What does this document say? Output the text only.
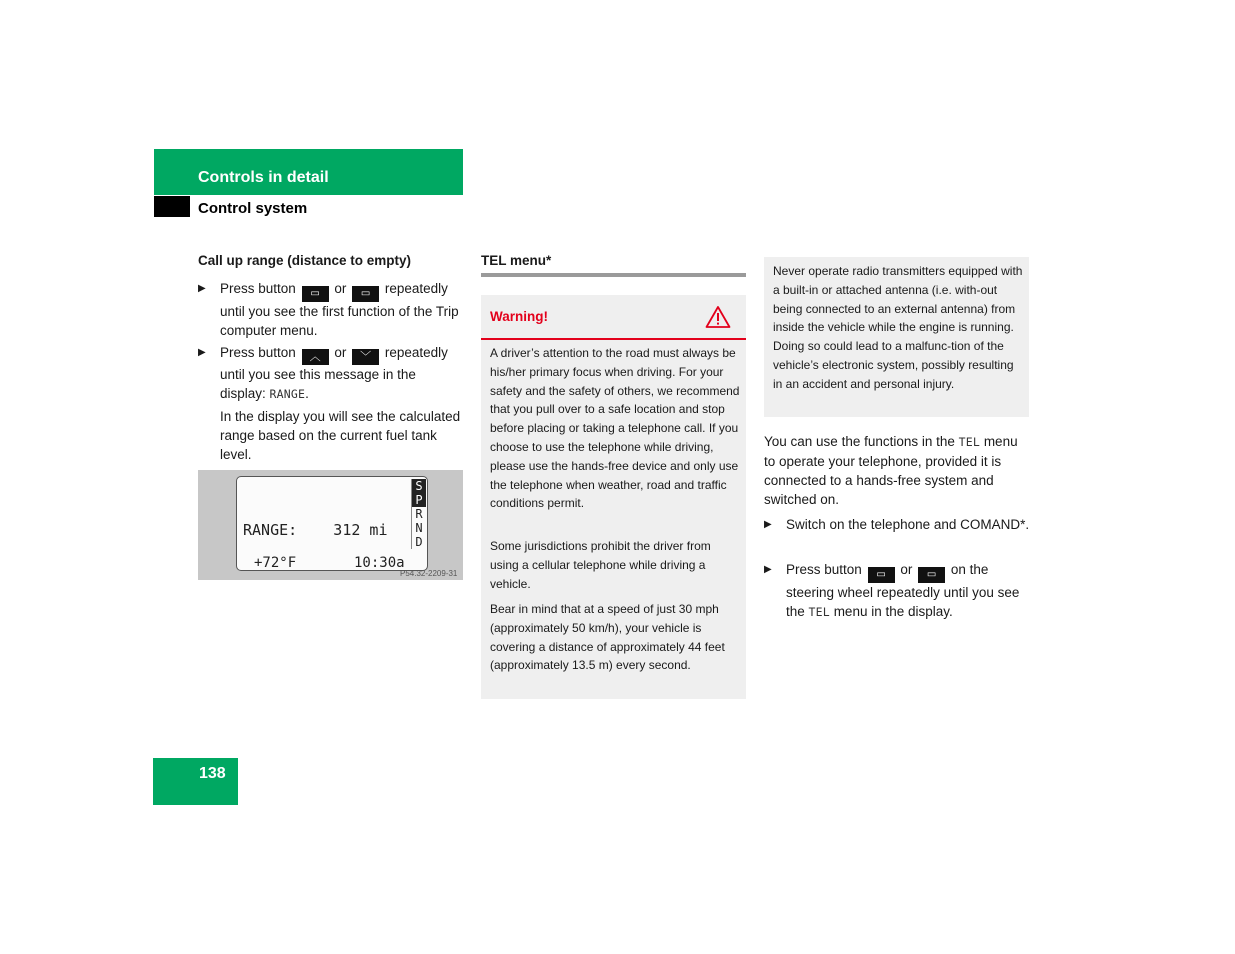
Controls in detail
Control system
Call up range (distance to empty)
▶ Press button ▭ or ▭ repeatedly until you see the first function of the Trip computer menu.
▶ Press button ︿ or ﹀ repeatedly until you see this message in the display: RANGE.
In the display you will see the calculated range based on the current fuel tank level.
RANGE:    312 mi
+72°F	10:30a
S
P
R
N
D
P54.32-2209-31
TEL menu*
Warning!
A driver’s attention to the road must always be his/her primary focus when driving. For your safety and the safety of others, we recommend that you pull over to a safe location and stop before placing or taking a telephone call. If you choose to use the telephone while driving, please use the hands-free device and only use the telephone when weather, road and traffic conditions permit.
Some jurisdictions prohibit the driver from using a cellular telephone while driving a vehicle.
Bear in mind that at a speed of just 30 mph (approximately 50 km/h), your vehicle is covering a distance of approximately 44 feet (approximately 13.5 m) every second.
Never operate radio transmitters equipped with a built-in or attached antenna (i.e. with-out being connected to an external antenna) from inside the vehicle while the engine is running. Doing so could lead to a malfunc-tion of the vehicle’s electronic system, possibly resulting in an accident and personal injury.
You can use the functions in the TEL menu to operate your telephone, provided it is connected to a hands-free system and switched on.
▶ Switch on the telephone and COMAND*.
▶ Press button ▭ or ▭ on the steering wheel repeatedly until you see the TEL menu in the display.
138
